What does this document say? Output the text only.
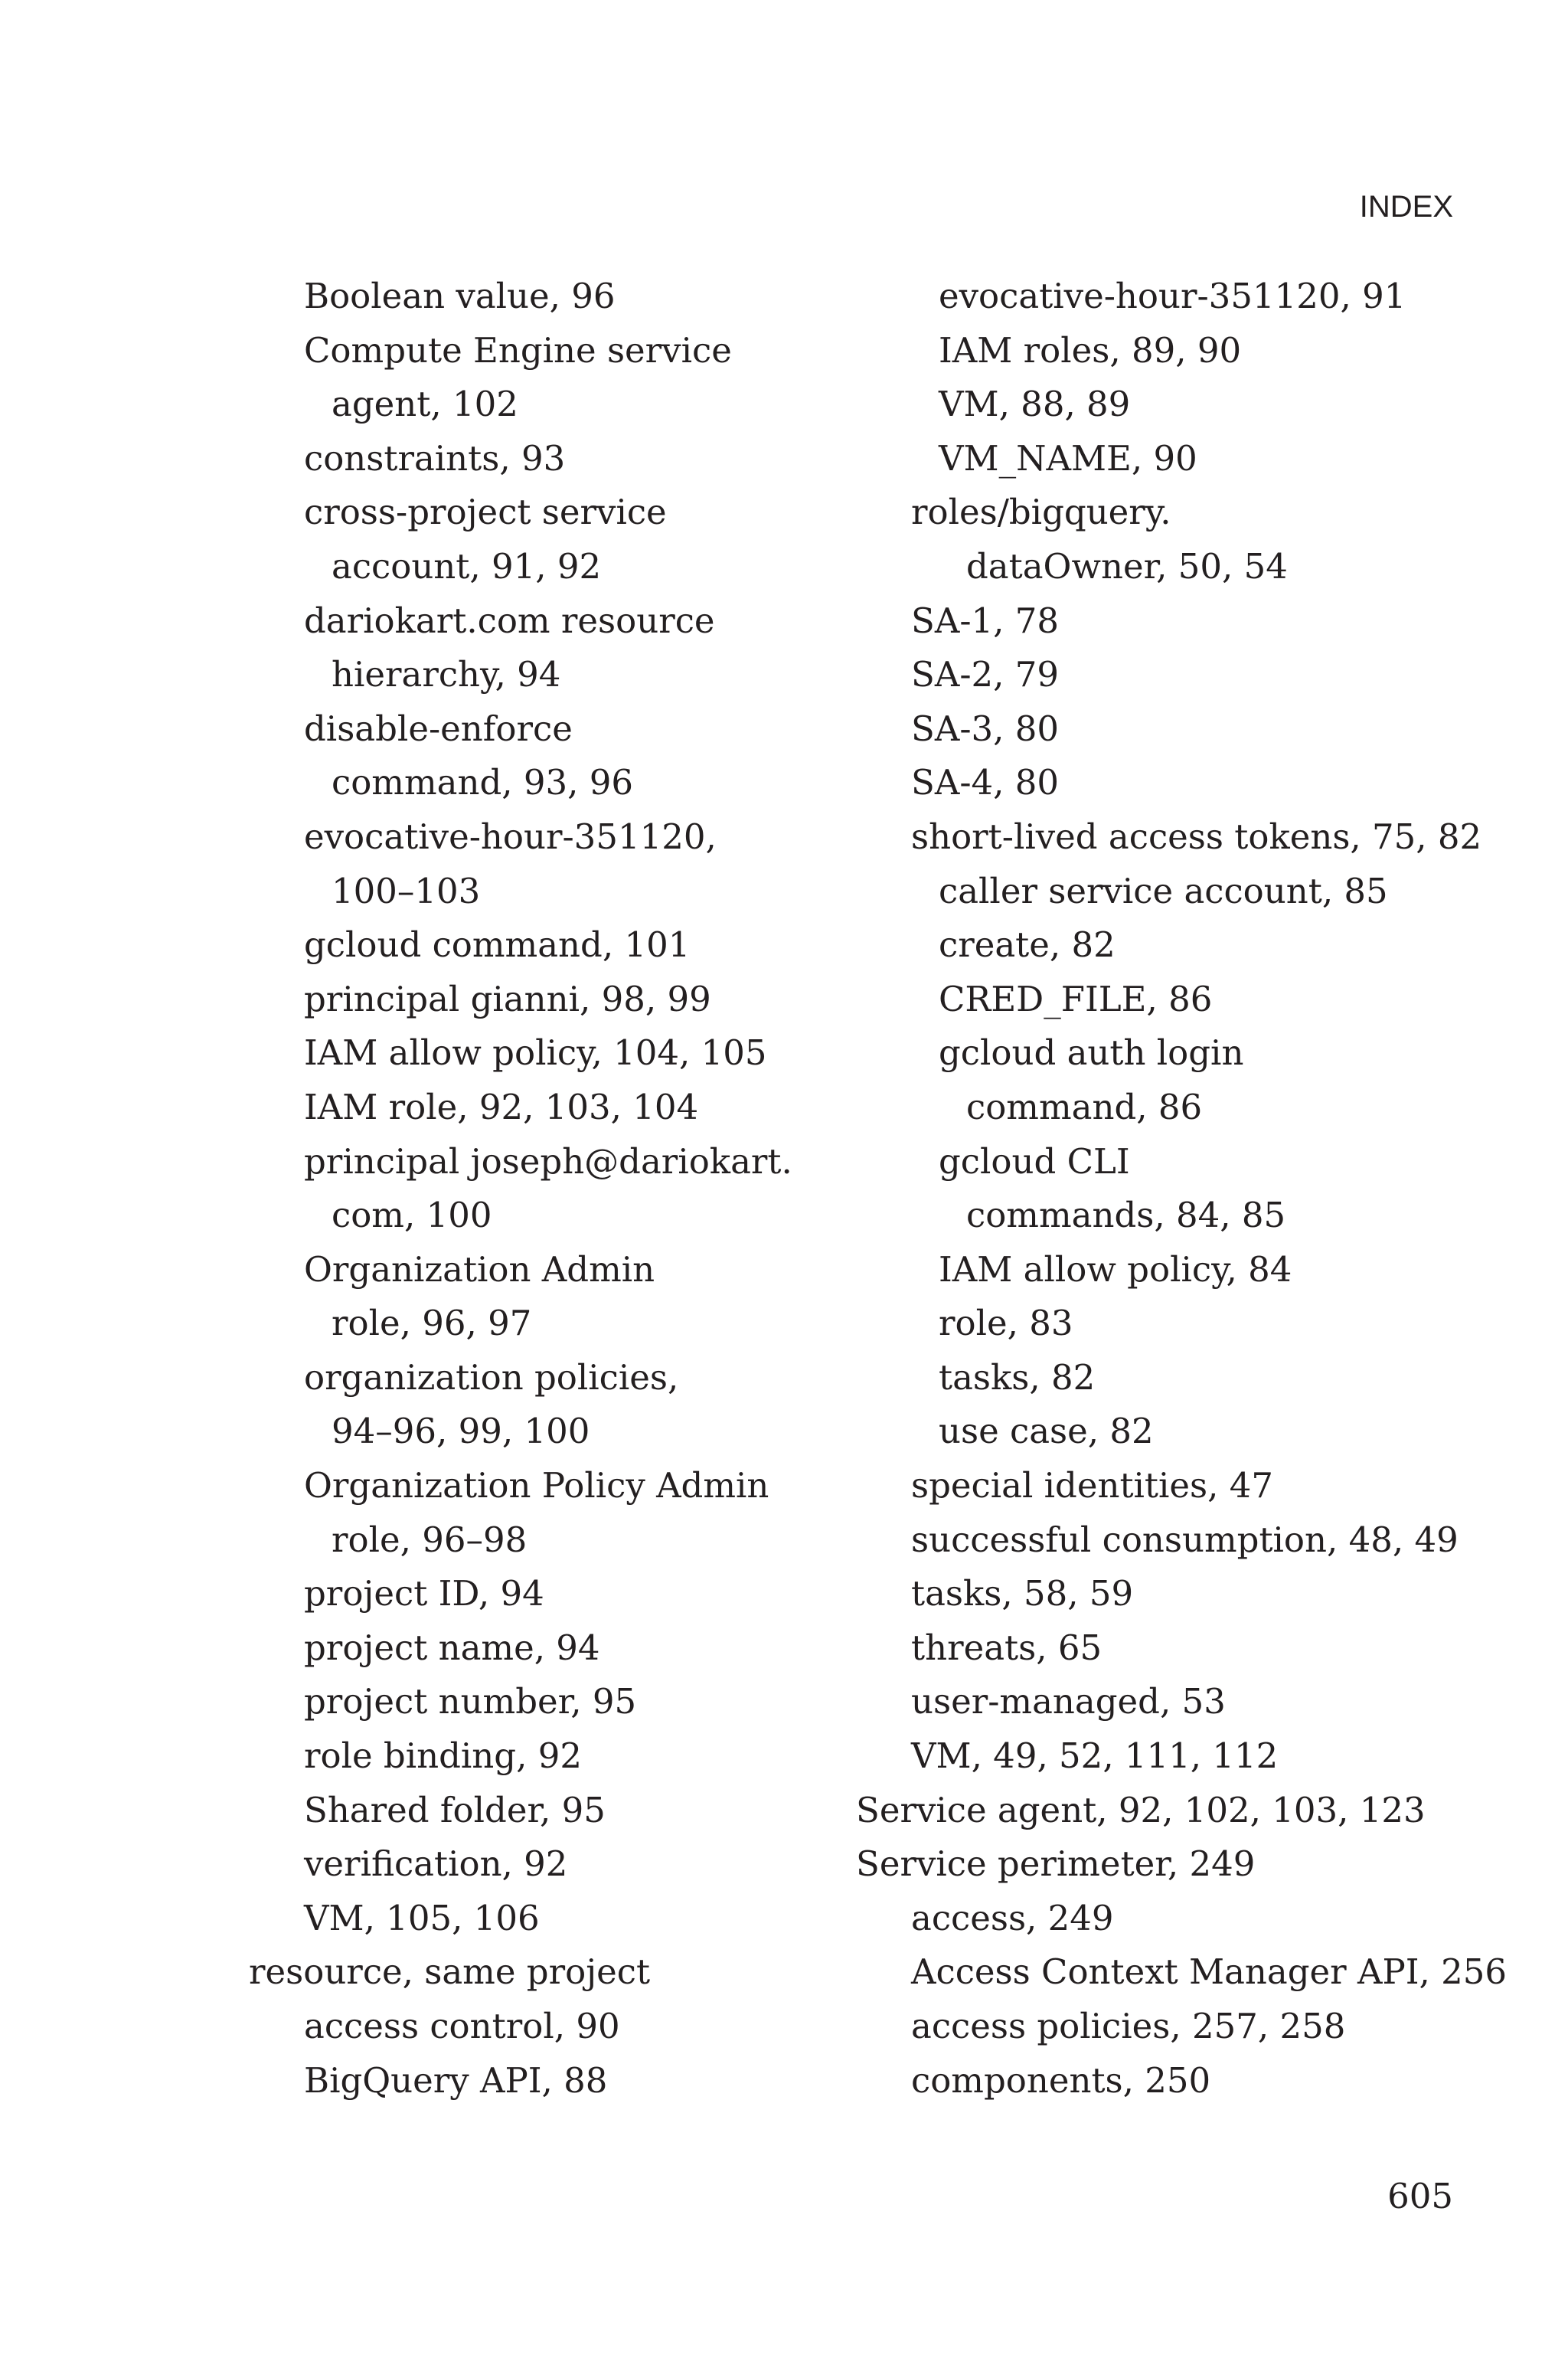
INDEX
Boolean value, 96
Compute Engine service
agent, 102
constraints, 93
cross-project service
account, 91, 92
dariokart.com resource
hierarchy, 94
disable-enforce
command, 93, 96
evocative-hour-351120,
100–103
gcloud command, 101
principal gianni, 98, 99
IAM allow policy, 104, 105
IAM role, 92, 103, 104
principal joseph@dariokart.
com, 100
Organization Admin
role, 96, 97
organization policies,
94–96, 99, 100
Organization Policy Admin
role, 96–98
project ID, 94
project name, 94
project number, 95
role binding, 92
Shared folder, 95
verification, 92
VM, 105, 106
resource, same project
access control, 90
BigQuery API, 88
evocative-hour-351120, 91
IAM roles, 89, 90
VM, 88, 89
VM_NAME, 90
roles/bigquery.
dataOwner, 50, 54
SA-1, 78
SA-2, 79
SA-3, 80
SA-4, 80
short-lived access tokens, 75, 82
caller service account, 85
create, 82
CRED_FILE, 86
gcloud auth login
command, 86
gcloud CLI
commands, 84, 85
IAM allow policy, 84
role, 83
tasks, 82
use case, 82
special identities, 47
successful consumption, 48, 49
tasks, 58, 59
threats, 65
user-managed, 53
VM, 49, 52, 111, 112
Service agent, 92, 102, 103, 123
Service perimeter, 249
access, 249
Access Context Manager API, 256
access policies, 257, 258
components, 250
605
